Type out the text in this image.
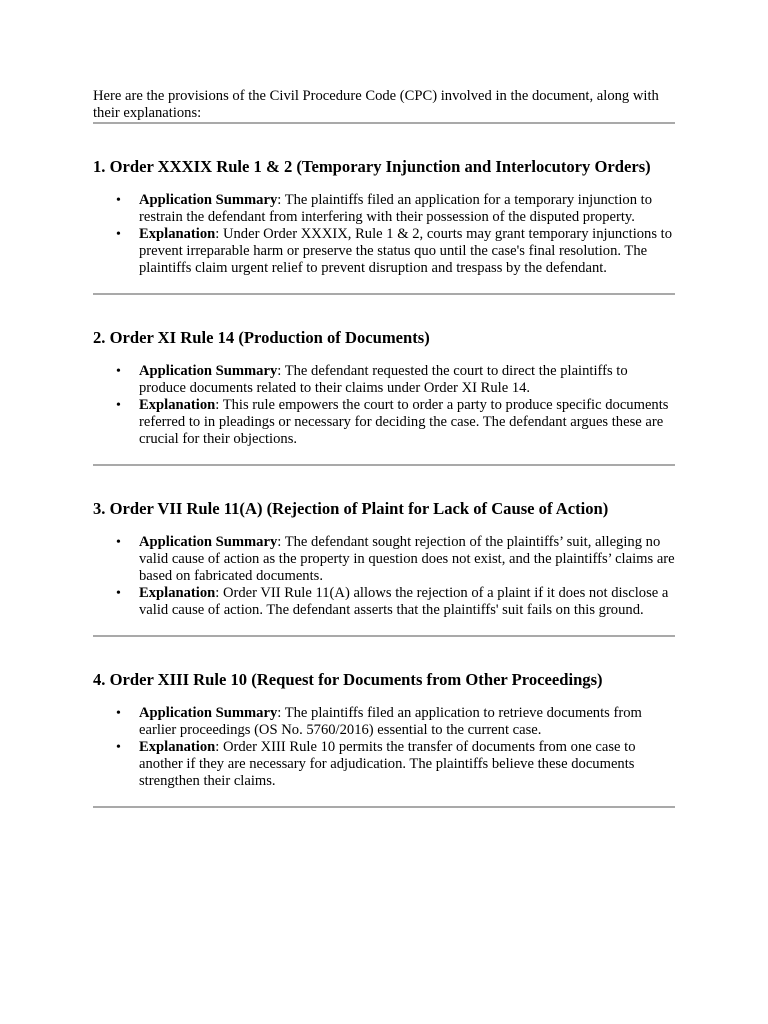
Here are the provisions of the Civil Procedure Code (CPC) involved in the document, along with their explanations:

1. Order XXXIX Rule 1 & 2 (Temporary Injunction and Interlocutory Orders)
• Application Summary: The plaintiffs filed an application for a temporary injunction to restrain the defendant from interfering with their possession of the disputed property.
• Explanation: Under Order XXXIX, Rule 1 & 2, courts may grant temporary injunctions to prevent irreparable harm or preserve the status quo until the case's final resolution. The plaintiffs claim urgent relief to prevent disruption and trespass by the defendant.
2. Order XI Rule 14 (Production of Documents)
• Application Summary: The defendant requested the court to direct the plaintiffs to produce documents related to their claims under Order XI Rule 14.
• Explanation: This rule empowers the court to order a party to produce specific documents referred to in pleadings or necessary for deciding the case. The defendant argues these are crucial for their objections.
3. Order VII Rule 11(A) (Rejection of Plaint for Lack of Cause of Action)
• Application Summary: The defendant sought rejection of the plaintiffs’ suit, alleging no valid cause of action as the property in question does not exist, and the plaintiffs’ claims are based on fabricated documents.
• Explanation: Order VII Rule 11(A) allows the rejection of a plaint if it does not disclose a valid cause of action. The defendant asserts that the plaintiffs' suit fails on this ground.
4. Order XIII Rule 10 (Request for Documents from Other Proceedings)
• Application Summary: The plaintiffs filed an application to retrieve documents from earlier proceedings (OS No. 5760/2016) essential to the current case.
• Explanation: Order XIII Rule 10 permits the transfer of documents from one case to another if they are necessary for adjudication. The plaintiffs believe these documents strengthen their claims.
